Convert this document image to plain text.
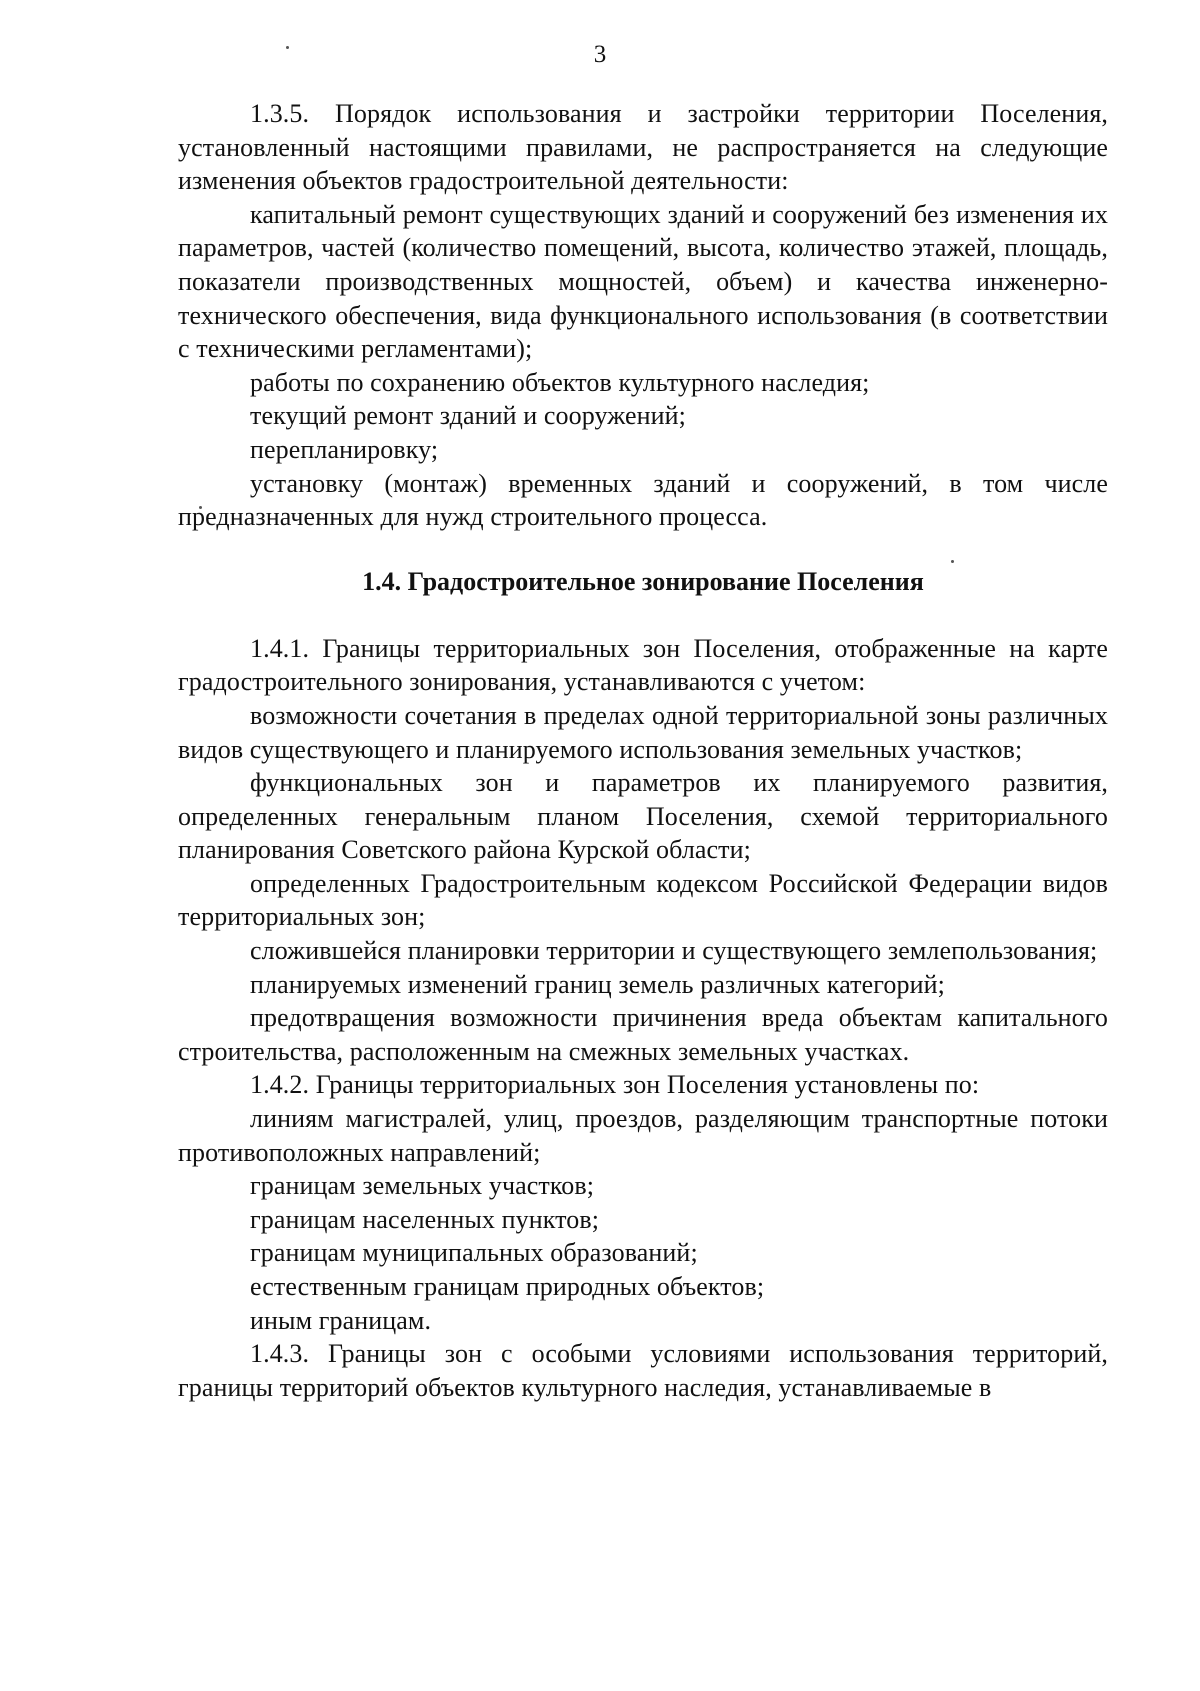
3

1.3.5. Порядок использования и застройки территории Поселения, установленный настоящими правилами, не распространяется на следующие изменения объектов градостроительной деятельности:

капитальный ремонт существующих зданий и сооружений без изменения их параметров, частей (количество помещений, высота, количество этажей, площадь, показатели производственных мощностей, объем) и качества инженерно-технического обеспечения, вида функционального использования (в соответствии с техническими регламентами);

работы по сохранению объектов культурного наследия;

текущий ремонт зданий и сооружений;

перепланировку;

установку (монтаж) временных зданий и сооружений, в том числе предназначенных для нужд строительного процесса.

1.4. Градостроительное зонирование Поселения

1.4.1. Границы территориальных зон Поселения, отображенные на карте градостроительного зонирования, устанавливаются с учетом:

возможности сочетания в пределах одной территориальной зоны различных видов существующего и планируемого использования земельных участков;

функциональных зон и параметров их планируемого развития, определенных генеральным планом Поселения, схемой территориального планирования Советского района Курской области;

определенных Градостроительным кодексом Российской Федерации видов территориальных зон;

сложившейся планировки территории и существующего землепользования;

планируемых изменений границ земель различных категорий;

предотвращения возможности причинения вреда объектам капитального строительства, расположенным на смежных земельных участках.

1.4.2. Границы территориальных зон Поселения установлены по:

линиям магистралей, улиц, проездов, разделяющим транспортные потоки противоположных направлений;

границам земельных участков;

границам населенных пунктов;

границам муниципальных образований;

естественным границам природных объектов;

иным границам.

1.4.3. Границы зон с особыми условиями использования территорий, границы территорий объектов культурного наследия, устанавливаемые в
